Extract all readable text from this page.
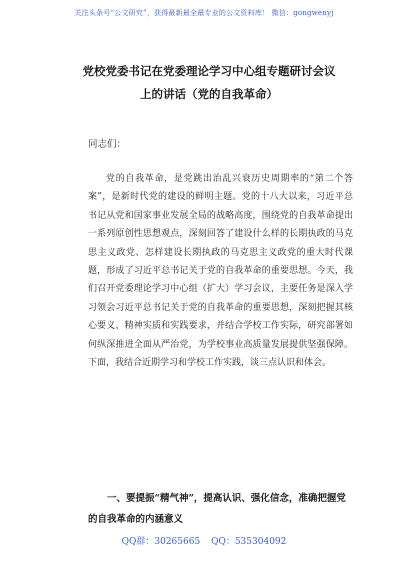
关注头条号“公文研究”，获得最新最全最专业的公文资料库！ 微信：gongwenyj
党校党委书记在党委理论学习中心组专题研讨会议上的讲话（党的自我革命）
同志们：
党的自我革命，是党跳出治乱兴衰历史周期率的“第二个答案”，是新时代党的建设的鲜明主题。党的十八大以来，习近平总书记从党和国家事业发展全局的战略高度，围绕党的自我革命提出一系列原创性思想观点，深刻回答了建设什么样的长期执政的马克思主义政党、怎样建设长期执政的马克思主义政党的重大时代课题，形成了习近平总书记关于党的自我革命的重要思想。今天，我们召开党委理论学习中心组（扩大）学习会议，主要任务是深入学习领会习近平总书记关于党的自我革命的重要思想，深刻把握其核心要义、精神实质和实践要求，并结合学校工作实际，研究部署如何纵深推进全面从严治党，为学校事业高质量发展提供坚强保障。下面，我结合近期学习和学校工作实践，谈三点认识和体会。
一、要提振“精气神”，提高认识、强化信念，准确把握党的自我革命的内涵意义
QQ群：30265665 QQ：535304092
